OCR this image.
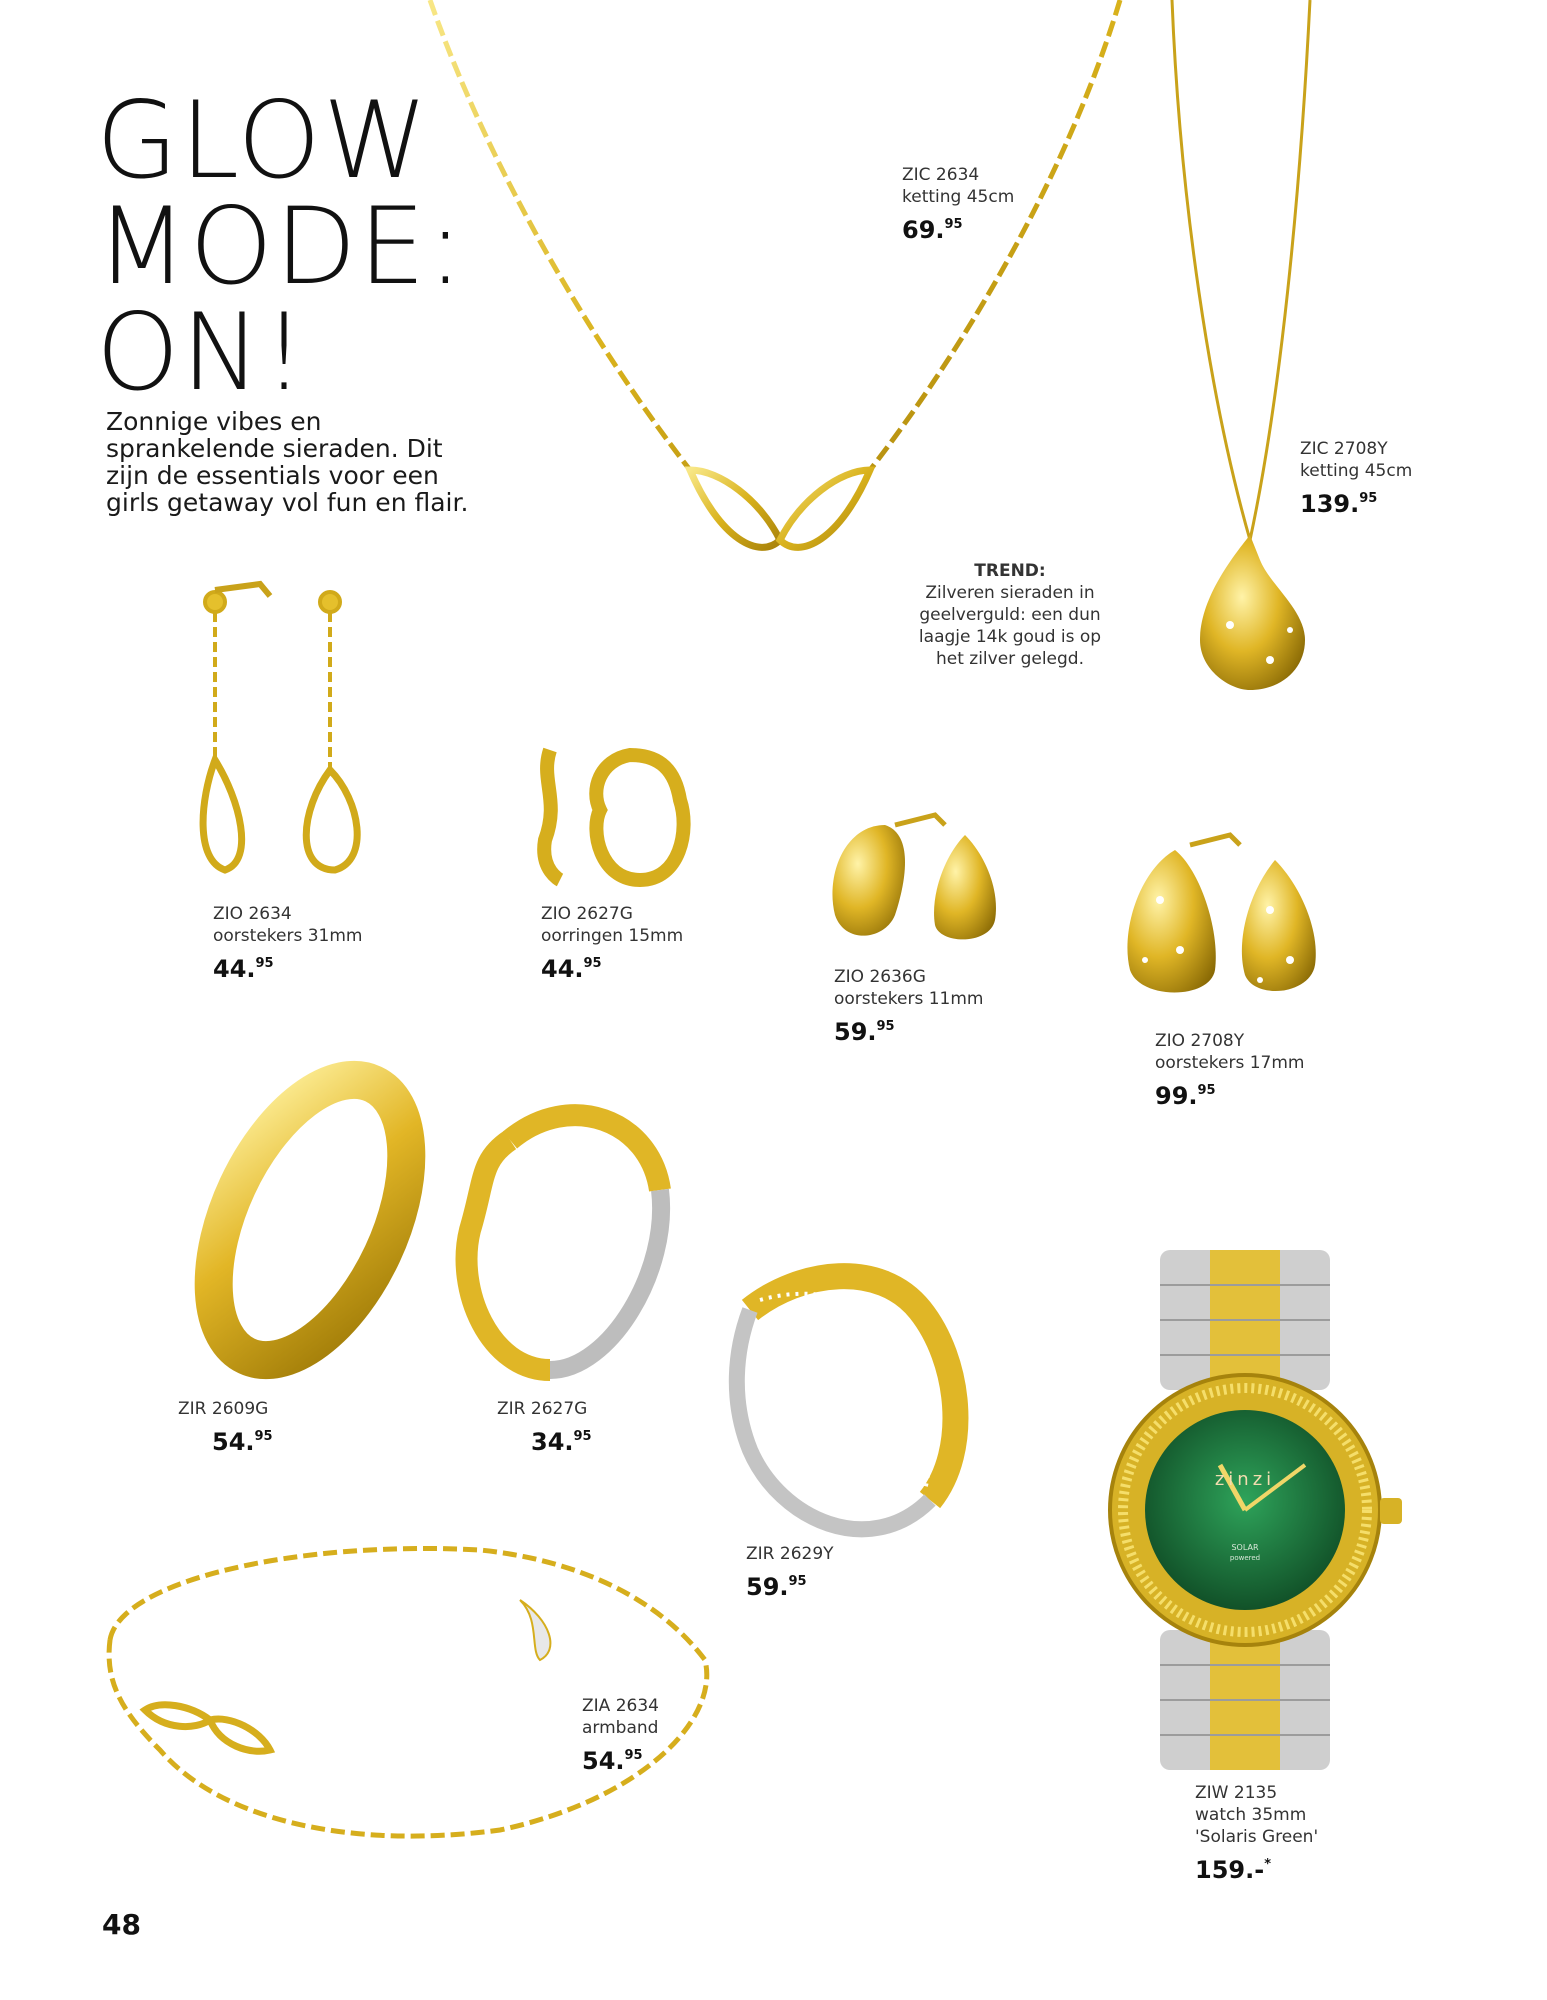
GLOW
MODE:
ON!

Zonnige vibes en
sprankelende sieraden. Dit
zijn de essentials voor een
girls getaway vol fun en flair.

zinzi
SOLAR
powered
TREND:
Zilveren sieraden in
geelverguld: een dun
laagje 14k goud is op
het zilver gelegd.
ZIC 2634
ketting 45cm
69.95
ZIC 2708Y
ketting 45cm
139.95
ZIO 2634
oorstekers 31mm
44.95
ZIO 2627G
oorringen 15mm
44.95
ZIO 2636G
oorstekers 11mm
59.95
ZIO 2708Y
oorstekers 17mm
99.95
ZIR 2609G
54.95
ZIR 2627G
34.95
ZIR 2629Y
59.95
ZIA 2634
armband
54.95
ZIW 2135
watch 35mm
'Solaris Green'
159.-*
48
